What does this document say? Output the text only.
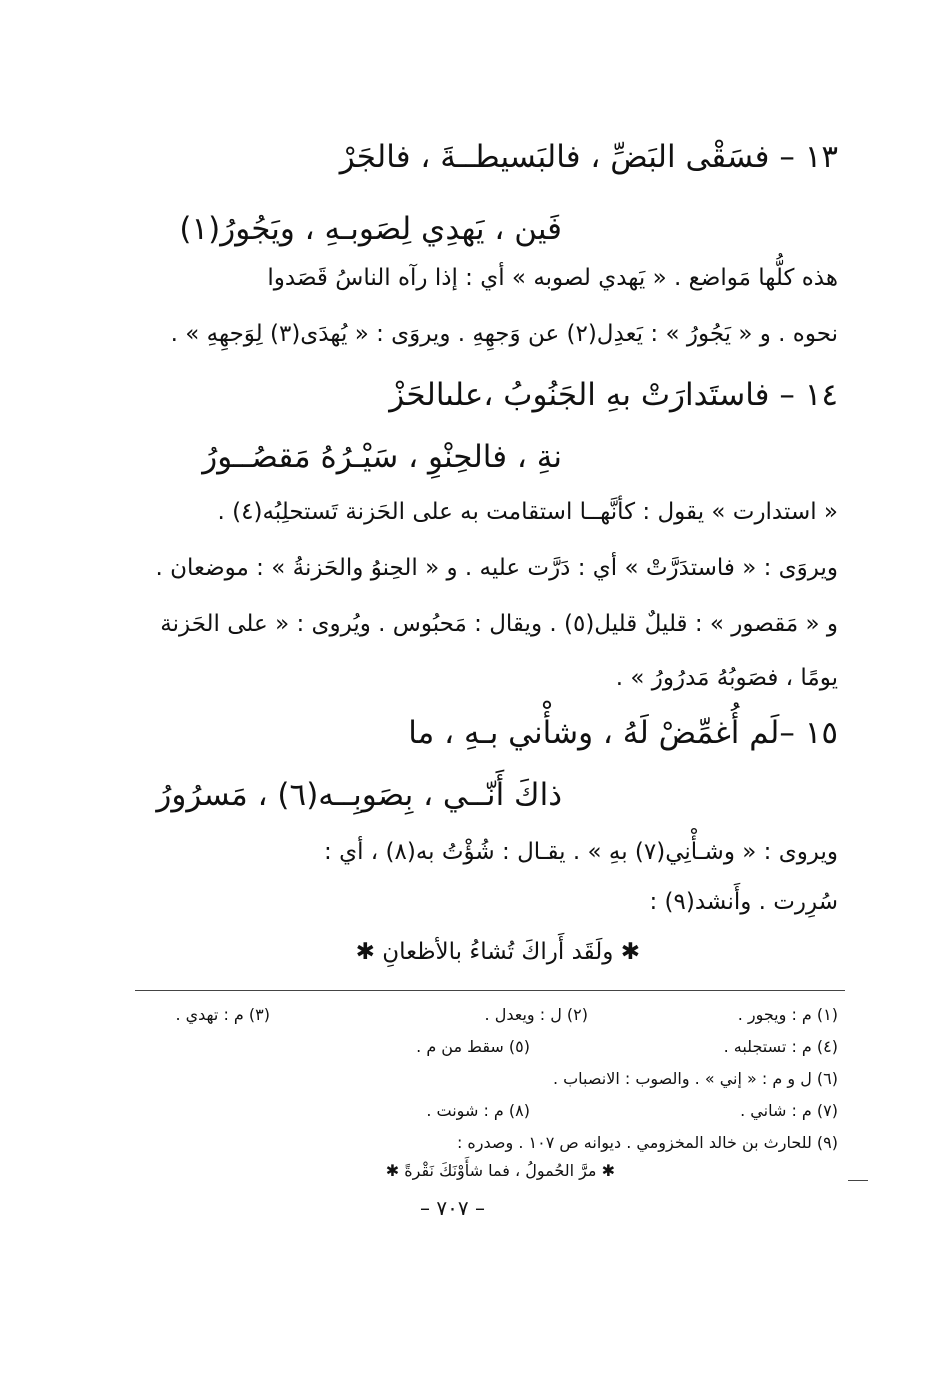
١٣ – فسَقْى البَضِّ ، فالبَسيطــةَ ، فالجَرْ
فَين ، يَهدِي لِصَوبـهِ ، ويَجُورُ(١)
هذه كلُّها مَواضع . « يَهدي لصوبه » أي : إذا رآه الناسُ قَصَدوا
نحوه . و « يَجُورُ » : يَعدِل(٢) عن وَجهِهِ . ويروَى : « يُهدَى(٣) لِوَجهِهِ » .
١٤ – فاستَدارَتْ بهِ الجَنُوبُ ،علىالحَزْ
نةِ ، فالحِنْوِ ، سَيْـرُهُ مَقصُــورُ
« استدارت » يقول : كأنَّهــا استقامت به على الحَزنة تَستحلِبُه(٤) .
ويروَى : « فاستدَرَّتْ » أي : دَرَّت عليه . و « الحِنوُ والحَزنةُ » : موضعان .
و « مَقصور » : قليلٌ قليل(٥) . ويقال : مَحبُوس . ويُروى : « على الحَزنة
يومًا ، فصَوبُهُ مَدرُورُ » .
١٥ –لَم أُغمِّضْ لَهُ ، وشأْني بـهِ ، ما
ذاكَ أَنّــي ، بِصَوبِــه(٦) ، مَسرُورُ
ويروى : « وشـأْنِي(٧) بهِ » . يقـال : شُؤْتُ به(٨) ، أي :
سُرِرت . وأَنشد(٩) :
✱ ولَقَد أَراكَ تُشاءُ بالأظعانِ ✱
(١) م : ويجور .
(٢) ل : ويعدل .
(٣) م : تهدي .
(٤) م : تستجلبه .
(٥) سقط من م .
(٦) ل و م : « إني » . والصوب : الانصباب .
(٧) م : شاني .
(٨) م : شونت .
(٩) للحارث بن خالد المخزومي . ديوانه ص ١٠٧ . وصدره :
✱ مرَّ الحُمولُ ، فما شأَوْنَكَ نَقْرةً ✱
– ٧٠٧ –
